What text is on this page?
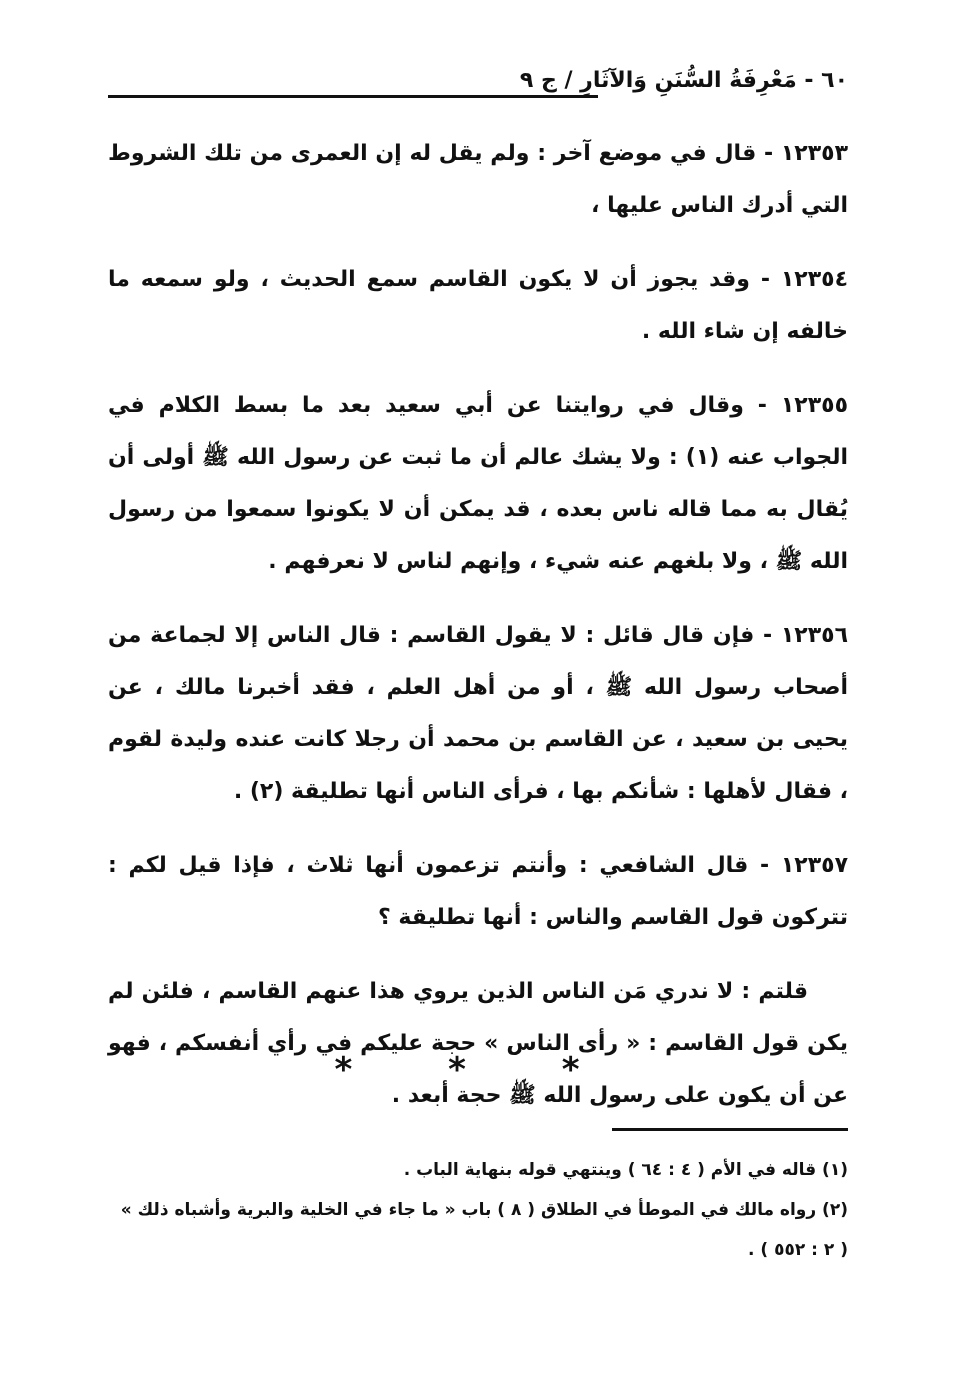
٦٠ - مَعْرِفَةُ السُّنَنِ وَالآثَارِ / ج ٩

١٢٣٥٣ - قال في موضع آخر : ولم يقل له إن العمرى من تلك الشروط التي أدرك الناس عليها ،

١٢٣٥٤ - وقد يجوز أن لا يكون القاسم سمع الحديث ، ولو سمعه ما خالفه إن شاء الله .

١٢٣٥٥ - وقال في روايتنا عن أبي سعيد بعد ما بسط الكلام في الجواب عنه (١) : ولا يشك عالم أن ما ثبت عن رسول الله ﷺ أولى أن يُقال به مما قاله ناس بعده ، قد يمكن أن لا يكونوا سمعوا من رسول الله ﷺ ، ولا بلغهم عنه شيء ، وإنهم لناس لا نعرفهم .

١٢٣٥٦ - فإن قال قائل : لا يقول القاسم : قال الناس إلا لجماعة من أصحاب رسول الله ﷺ ، أو من أهل العلم ، فقد أخبرنا مالك ، عن يحيى بن سعيد ، عن القاسم بن محمد أن رجلا كانت عنده وليدة لقوم ، فقال لأهلها : شأنكم بها ، فرأى الناس أنها تطليقة (٢) .

١٢٣٥٧ - قال الشافعي : وأنتم تزعمون أنها ثلاث ، فإذا قيل لكم : تتركون قول القاسم والناس : أنها تطليقة ؟

قلتم : لا ندري مَن الناس الذين يروي هذا عنهم القاسم ، فلئن لم يكن قول القاسم : « رأى الناس » حجة عليكم في رأي أنفسكم ، فهو عن أن يكون على رسول الله ﷺ حجة أبعد .

* * *

(١) قاله في الأم ( ٤ : ٦٤ ) وينتهي قوله بنهاية الباب .

(٢) رواه مالك في الموطأ في الطلاق ( ٨ ) باب « ما جاء في الخلية والبرية وأشباه ذلك » ( ٢ : ٥٥٢ ) .
